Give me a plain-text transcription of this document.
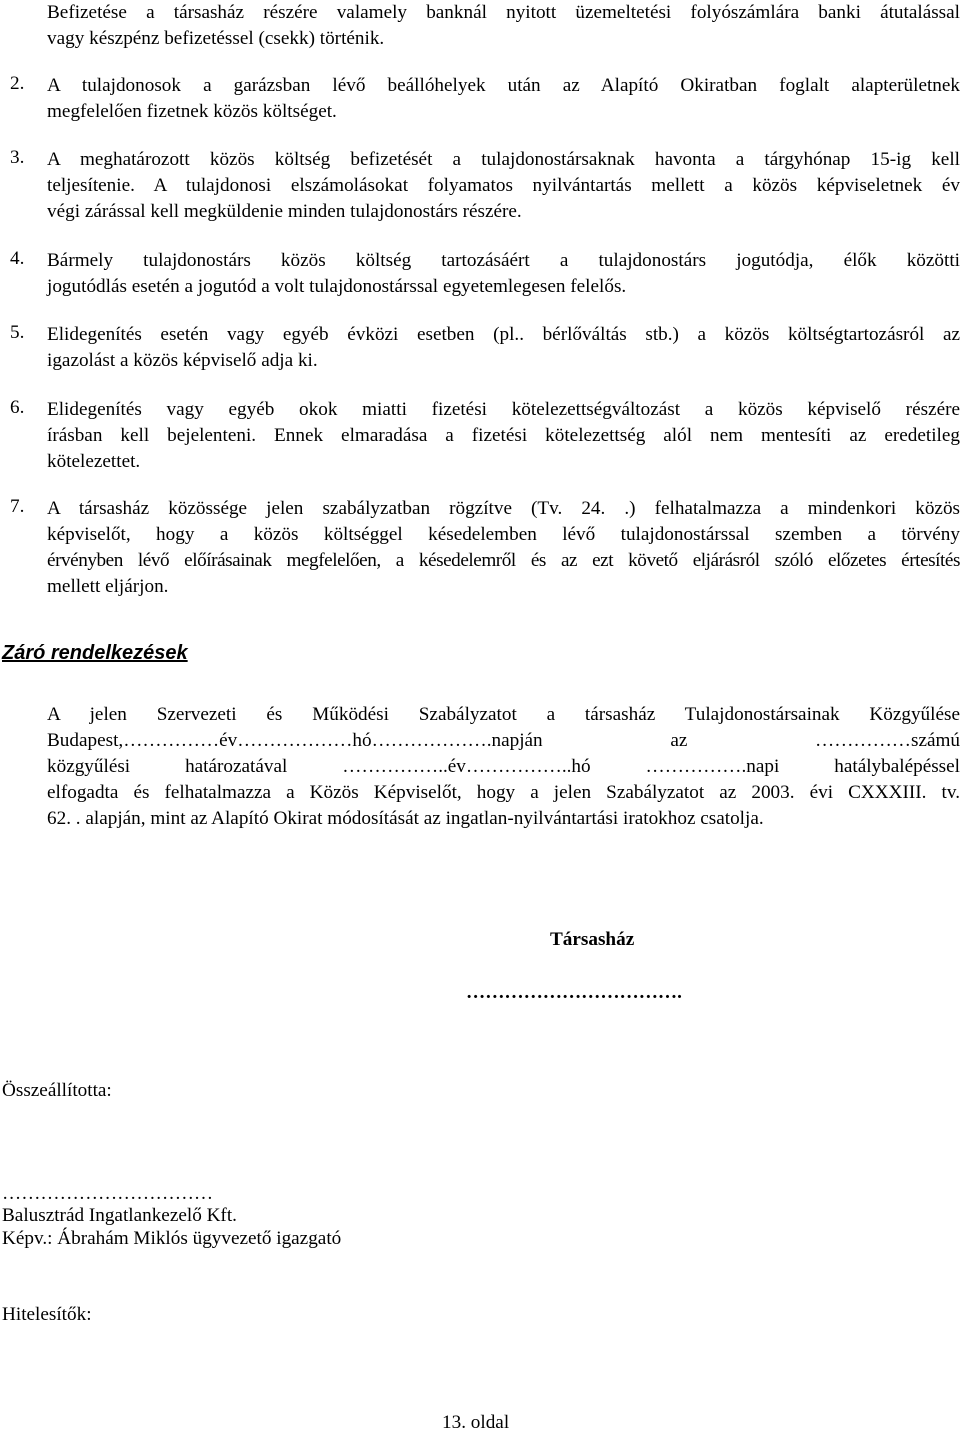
Befizetése a társasház részére valamely banknál nyitott üzemeltetési folyószámlára banki átutalással
vagy készpénz befizetéssel (csekk) történik.
2. A tulajdonosok a garázsban lévő beállóhelyek után az Alapító Okiratban foglalt alapterületnek
megfelelően fizetnek közös költséget.
3. A meghatározott közös költség befizetését a tulajdonostársaknak havonta a tárgyhónap 15-ig kell
teljesítenie. A tulajdonosi elszámolásokat folyamatos nyilvántartás mellett a közös képviseletnek év
végi zárással kell megküldenie minden tulajdonostárs részére.
4. Bármely tulajdonostárs közös költség tartozásáért a tulajdonostárs jogutódja, élők közötti
jogutódlás esetén a jogutód a volt tulajdonostárssal egyetemlegesen felelős.
5. Elidegenítés esetén vagy egyéb évközi esetben (pl.. bérlőváltás stb.) a közös költségtartozásról az
igazolást a közös képviselő adja ki.
6. Elidegenítés vagy egyéb okok miatti fizetési kötelezettségváltozást a közös képviselő részére
írásban kell bejelenteni. Ennek elmaradása a fizetési kötelezettség alól nem mentesíti az eredetileg
kötelezettet.
7. A társasház közössége jelen szabályzatban rögzítve (Tv. 24. .) felhatalmazza a mindenkori közös
képviselőt, hogy a közös költséggel késedelemben lévő tulajdonostárssal szemben a törvény
érvényben lévő előírásainak megfelelően, a késedelemről és az ezt követő eljárásról szóló előzetes értesítés
mellett eljárjon.
Záró rendelkezések
A jelen Szervezeti és Működési Szabályzatot a társasház Tulajdonostársainak Közgyűlése
Budapest,……………év………………hó……………….napján az ……………számú
közgyűlési határozatával ……………..év……………..hó …………….napi hatálybalépéssel
elfogadta és felhatalmazza a Közös Képviselőt, hogy a jelen Szabályzatot az 2003. évi CXXXIII. tv.
62. . alapján, mint az Alapító Okirat módosítását az ingatlan-nyilvántartási iratokhoz csatolja.
Társasház
…………………………….
Összeállította:
……………………………
Balusztrád Ingatlankezelő Kft.
Képv.: Ábrahám Miklós ügyvezető igazgató
Hitelesítők:
13. oldal
